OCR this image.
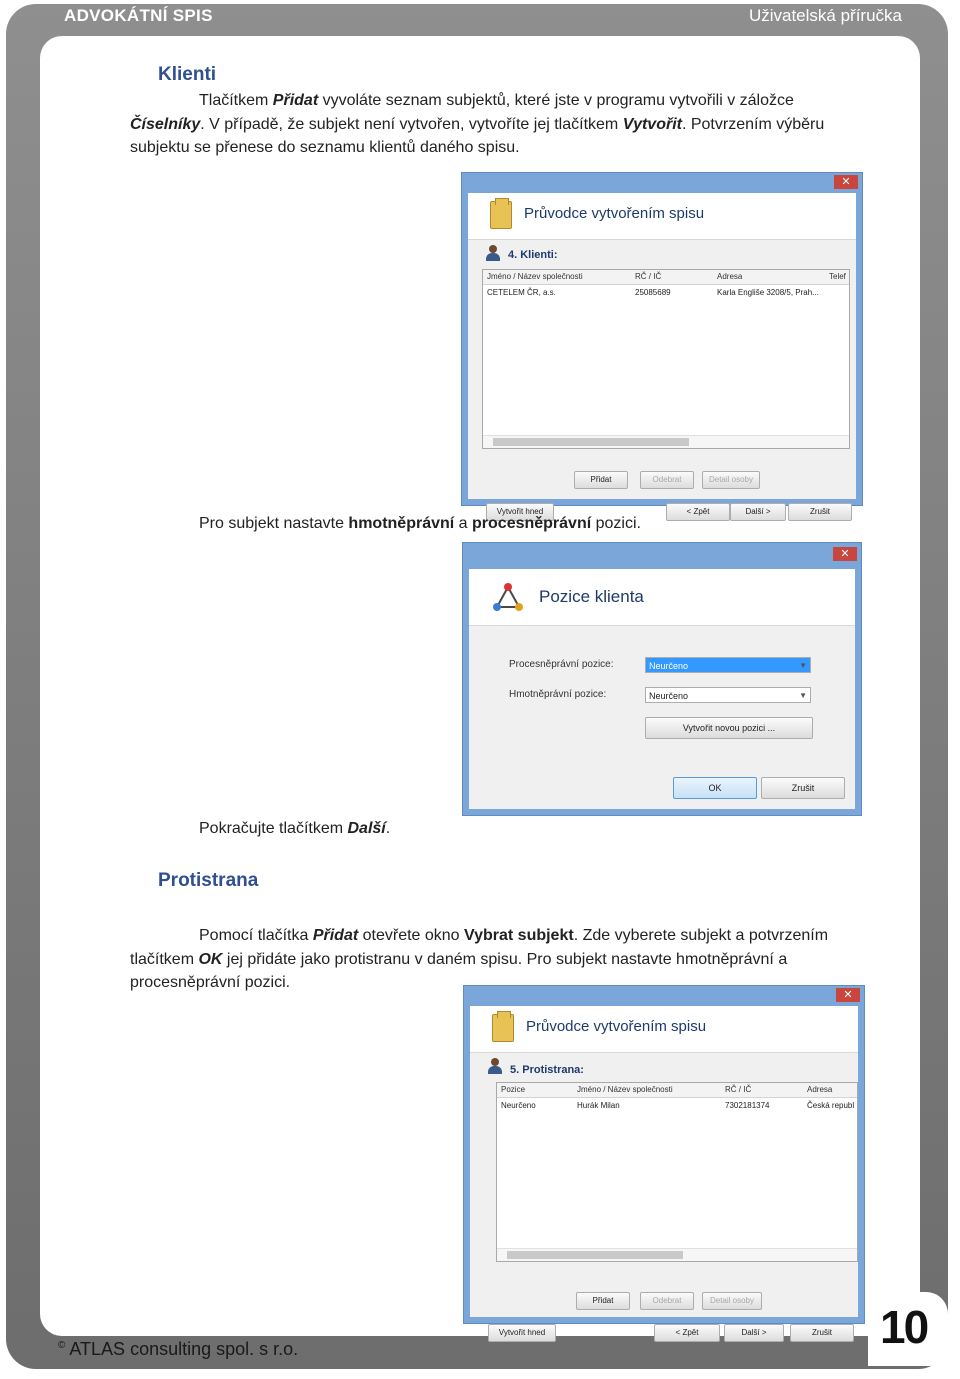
ADVOKÁTNÍ SPIS	Uživatelská příručka
Klienti
Tlačítkem Přidat vyvoláte seznam subjektů, které jste v programu vytvořili v záložce
Číselníky. V případě, že subjekt není vytvořen, vytvoříte jej tlačítkem Vytvořit. Potvrzením výběru
subjektu se přenese do seznamu klientů daného spisu.
✕
Průvodce vytvořením spisu
4. Klienti:
Jméno / Název společnosti	RČ / IČ	Adresa	Telef
CETELEM ČR, a.s.	25085689	Karla Engliše 3208/5, Prah...
Přidat	Odebrat	Detail osoby
Vytvořit hned	< Zpět	Další >	Zrušit
Pro subjekt nastavte hmotněprávní a procesněprávní pozici.
✕
Pozice klienta
Procesněprávní pozice:	Neurčeno	▼
Hmotněprávní pozice:	Neurčeno	▼
Vytvořit novou pozici ...
OK	Zrušit
Pokračujte tlačítkem Další.
Protistrana
Pomocí tlačítka Přidat otevřete okno Vybrat subjekt. Zde vyberete subjekt a potvrzením
tlačítkem OK jej přidáte jako protistranu v daném spisu. Pro subjekt nastavte hmotněprávní a
procesněprávní pozici.
✕
Průvodce vytvořením spisu
5. Protistrana:
Pozice	Jméno / Název společnosti	RČ / IČ	Adresa
Neurčeno	Hurák Milan	7302181374	Česká republ
Přidat	Odebrat	Detail osoby
Vytvořit hned	< Zpět	Další >	Zrušit
© ATLAS consulting spol. s r.o.	10
